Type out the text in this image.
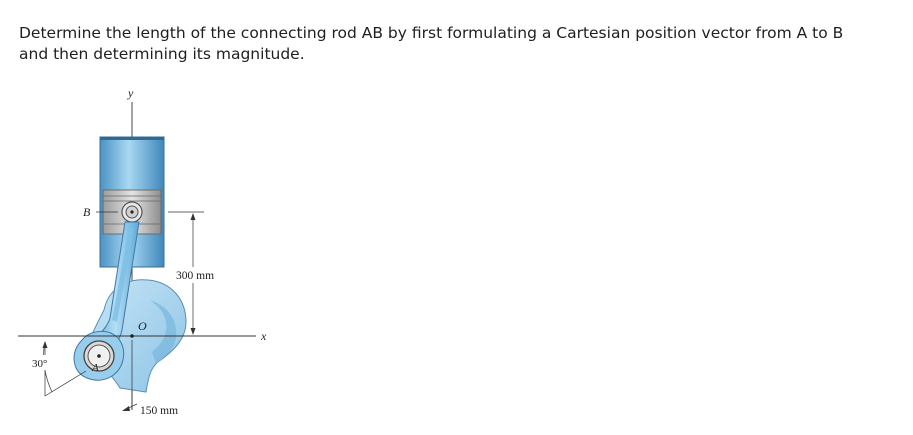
Determine the length of the connecting rod AB by first formulating a Cartesian position vector from A to B
and then determining its magnitude.
y
x
O
B
A
300 mm
150 mm
30°
